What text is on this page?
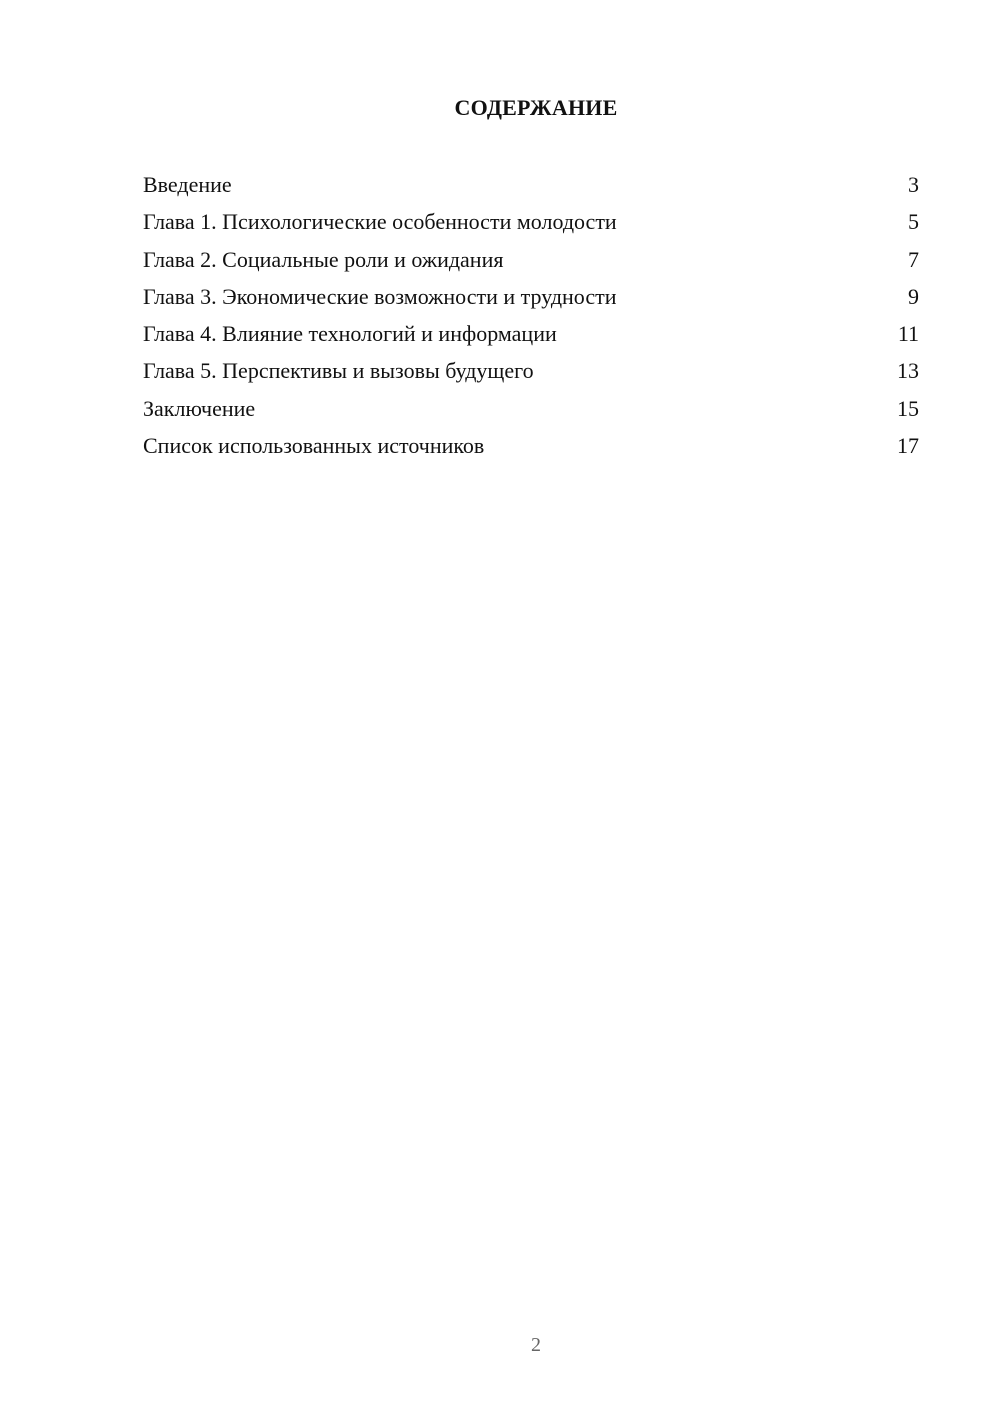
СОДЕРЖАНИЕ
Введение	3
Глава 1. Психологические особенности молодости	5
Глава 2. Социальные роли и ожидания	7
Глава 3. Экономические возможности и трудности	9
Глава 4. Влияние технологий и информации	11
Глава 5. Перспективы и вызовы будущего	13
Заключение	15
Список использованных источников	17
2
